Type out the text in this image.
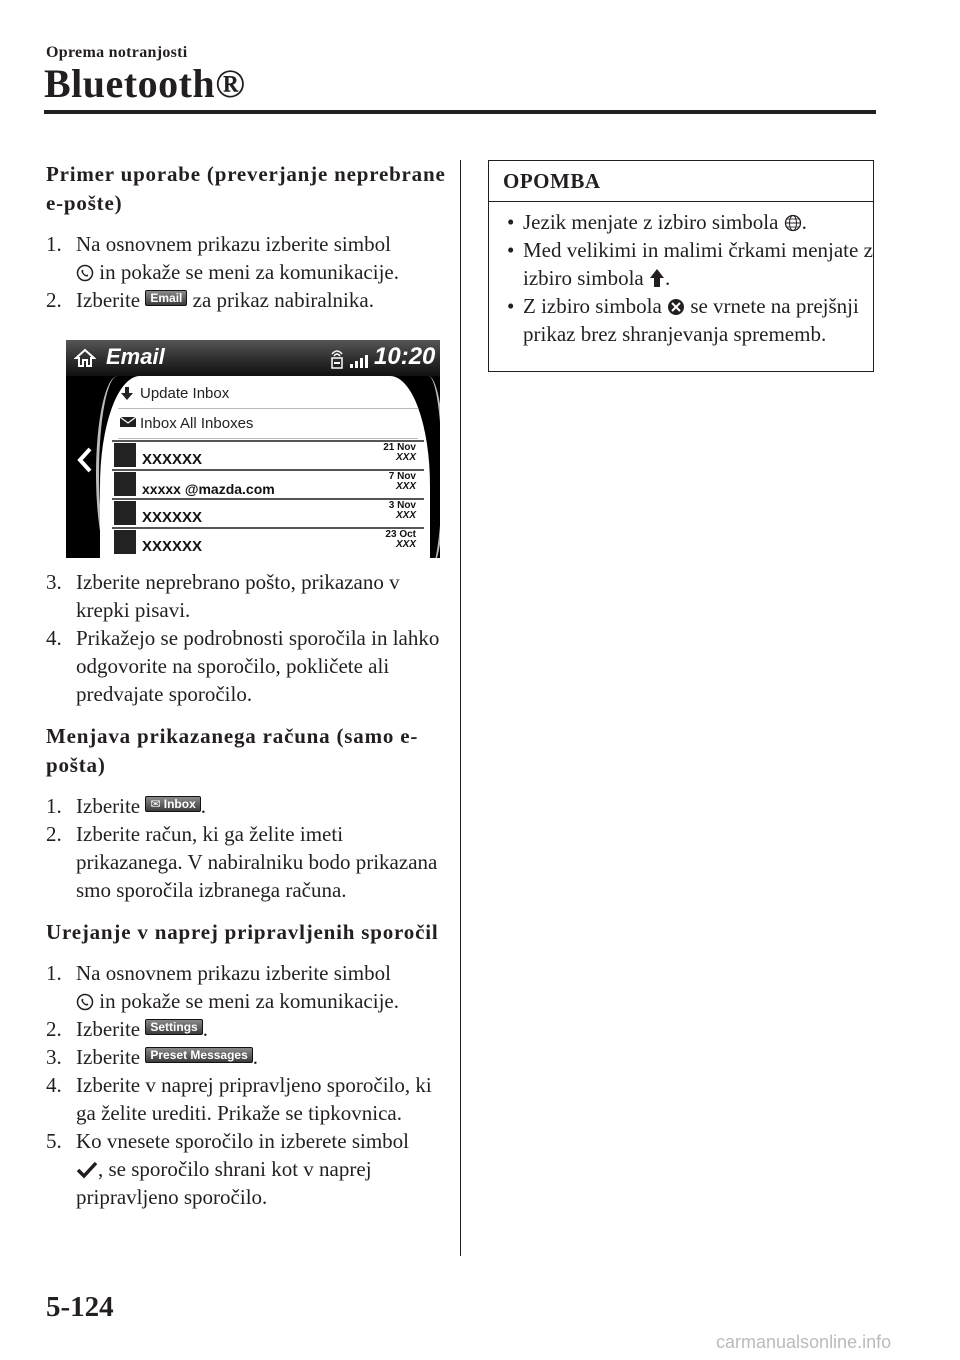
Oprema notranjosti
Bluetooth®
Primer uporabe (preverjanje neprebrane e-pošte)
1. Na osnovnem prikazu izberite simbol
in pokaže se meni za komunikacije.
2. Izberite Email za prikaz nabiralnika.
Email	10:20
Update Inbox
Inbox All Inboxes
XXXXXX
21 Nov
XXX
xxxxx @mazda.com
7 Nov
XXX
XXXXXX
3 Nov
XXX
XXXXXX
23 Oct
XXX
3. Izberite neprebrano pošto, prikazano v krepki pisavi.
4. Prikažejo se podrobnosti sporočila in lahko odgovorite na sporočilo, pokličete ali predvajate sporočilo.
Menjava prikazanega računa (samo e-pošta)
1. Izberite ✉ Inbox .
2. Izberite račun, ki ga želite imeti prikazanega. V nabiralniku bodo prikazana smo sporočila izbranega računa.
Urejanje v naprej pripravljenih sporočil
1. Na osnovnem prikazu izberite simbol
in pokaže se meni za komunikacije.
2. Izberite Settings .
3. Izberite Preset Messages .
4. Izberite v naprej pripravljeno sporočilo, ki ga želite urediti. Prikaže se tipkovnica.
5. Ko vnesete sporočilo in izberete simbol
, se sporočilo shrani kot v naprej pripravljeno sporočilo.
OPOMBA
• Jezik menjate z izbiro simbola .
• Med velikimi in malimi črkami menjate z izbiro simbola .
• Z izbiro simbola se vrnete na prejšnji prikaz brez shranjevanja sprememb.
5-124
carmanualsonline.info
